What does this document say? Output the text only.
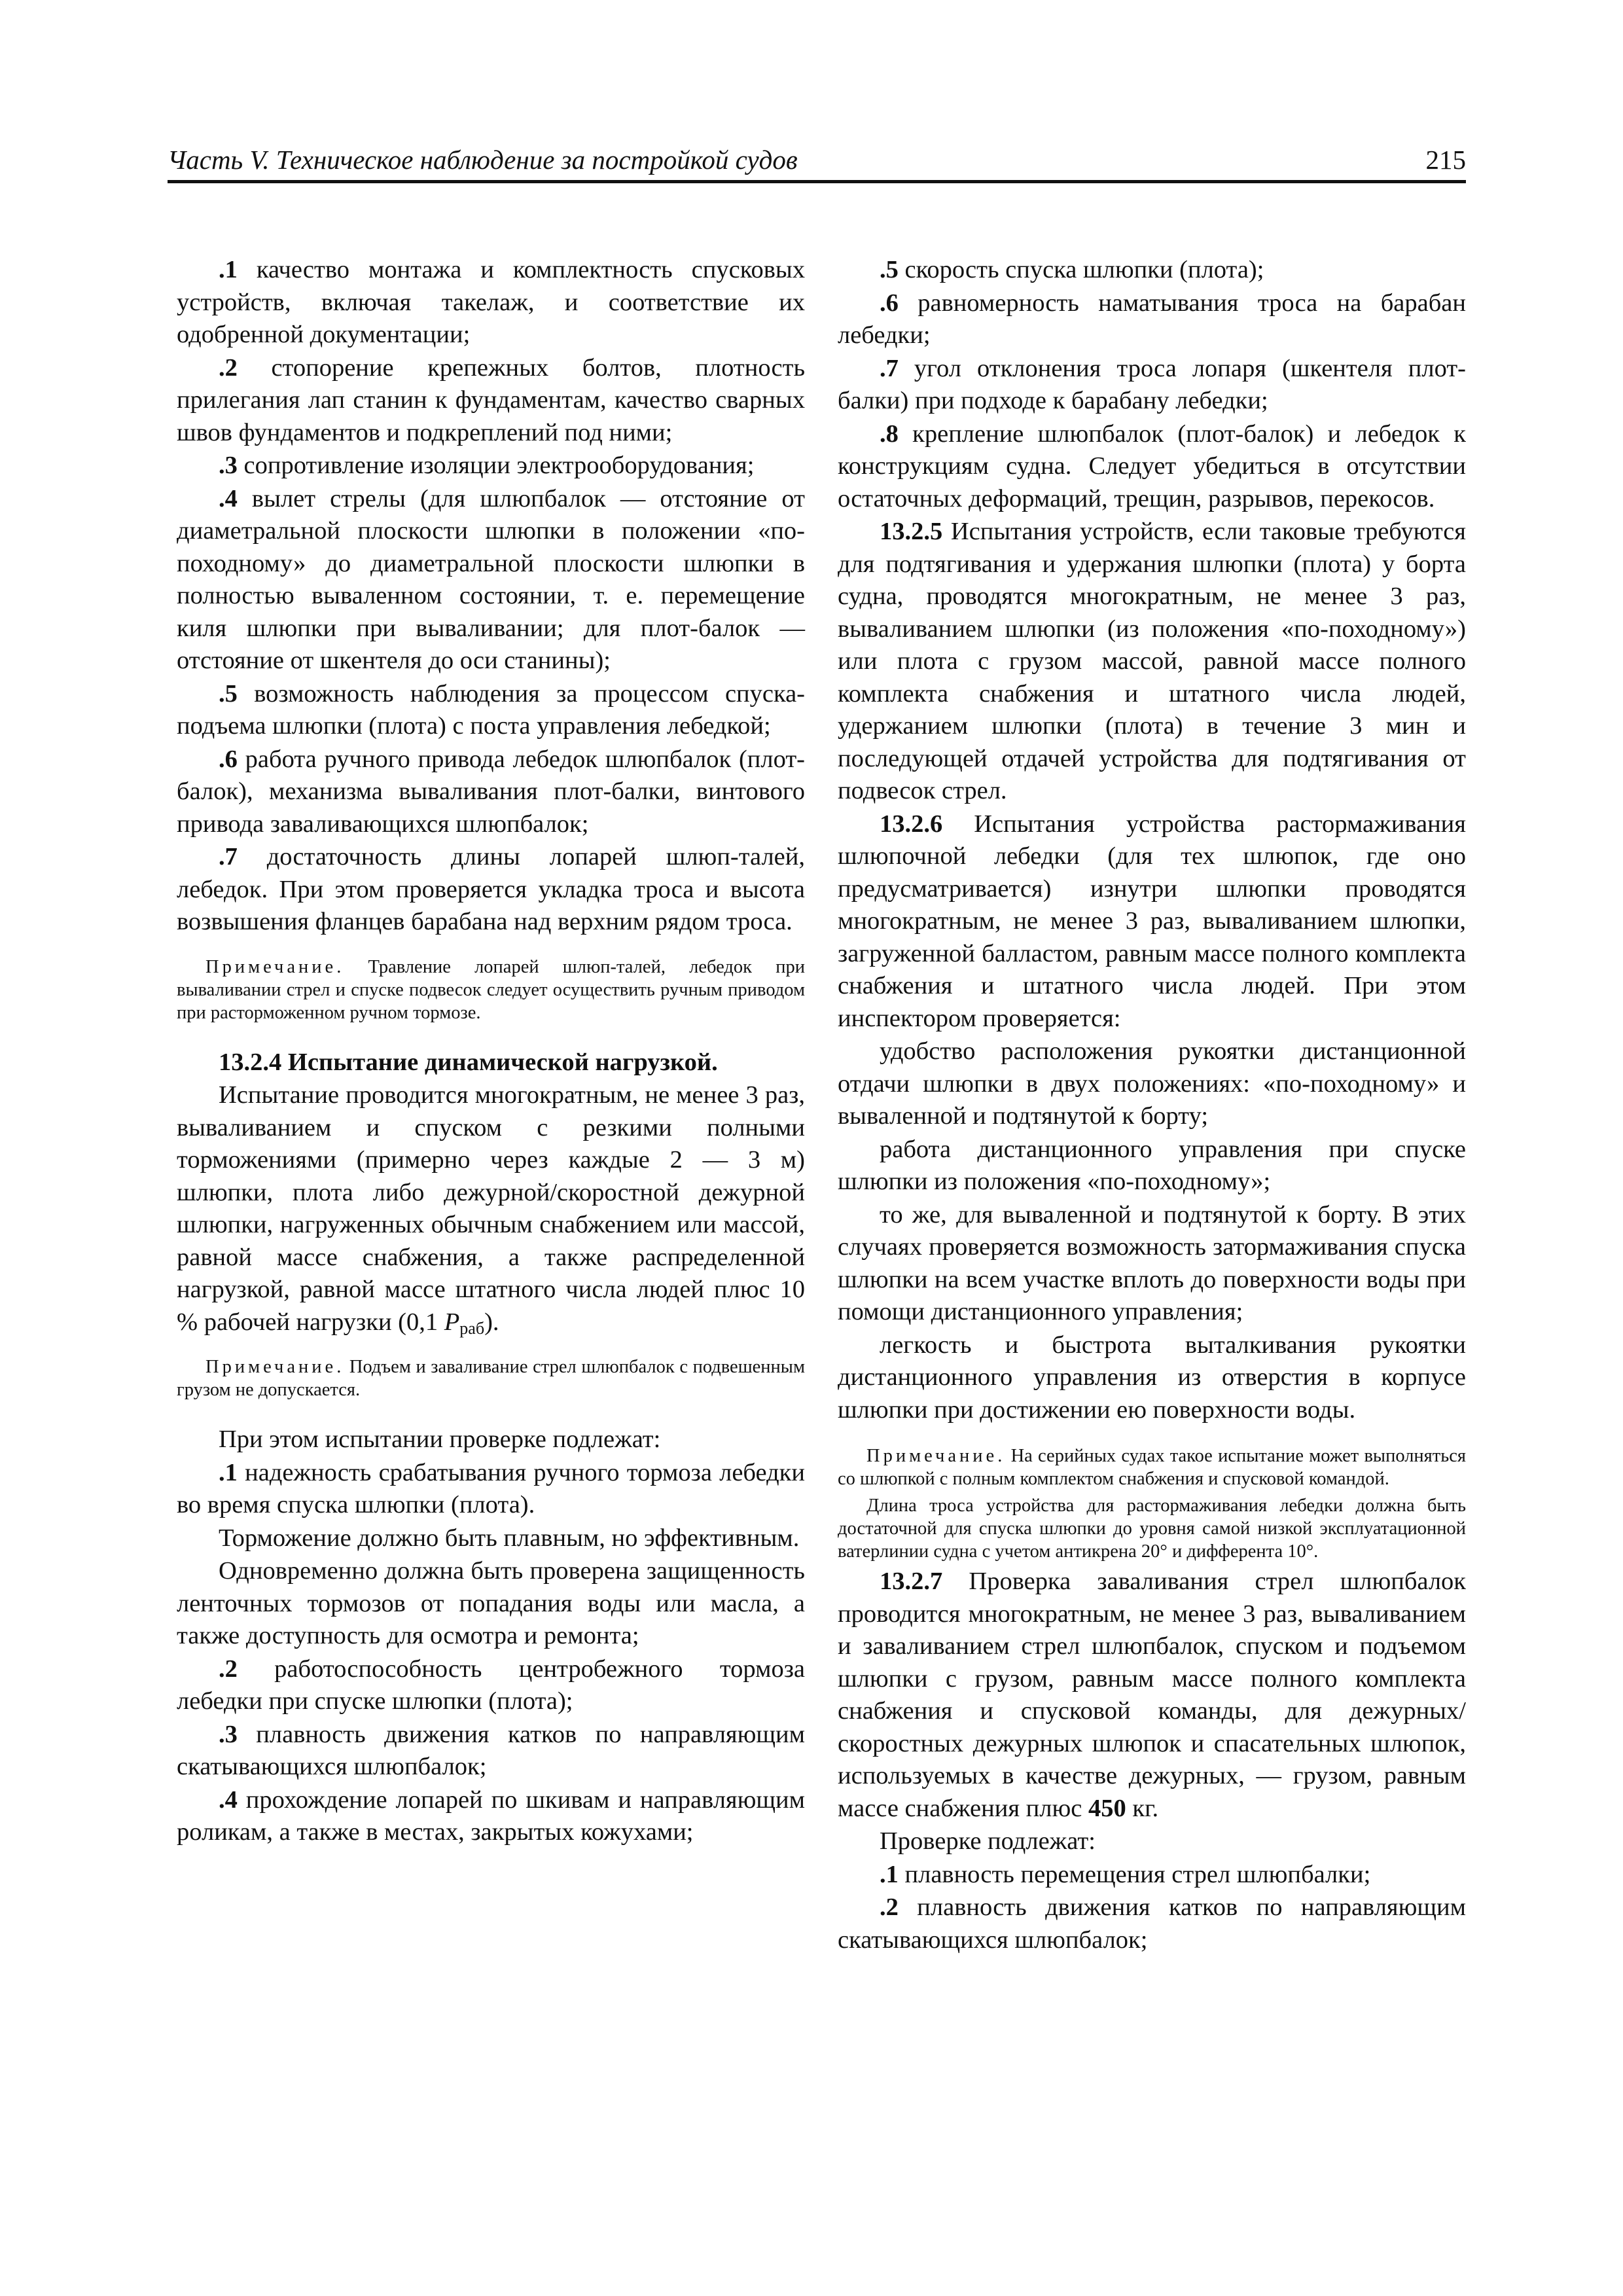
Часть V. Техническое наблюдение за постройкой судов	215

.1 качество монтажа и комплектность спусковых устройств, включая такелаж, и соответствие их одобренной документации;

.2 стопорение крепежных болтов, плотность прилегания лап станин к фундаментам, качество сварных швов фундаментов и подкреплений под ними;

.3 сопротивление изоляции электрооборудования;

.4 вылет стрелы (для шлюпбалок — отстояние от диаметральной плоскости шлюпки в положении «по-походному» до диаметральной плоскости шлюпки в полностью вываленном состоянии, т. е. перемещение киля шлюпки при вываливании; для плот-балок — отстояние от шкентеля до оси станины);

.5 возможность наблюдения за процессом спуска-подъема шлюпки (плота) с поста управления лебедкой;

.6 работа ручного привода лебедок шлюпбалок (плот-балок), механизма вываливания плот-балки, винтового привода заваливающихся шлюпбалок;

.7 достаточность длины лопарей шлюп-талей, лебедок. При этом проверяется укладка троса и высота возвышения фланцев барабана над верхним рядом троса.

Примечание. Травление лопарей шлюп-талей, лебедок при вываливании стрел и спуске подвесок следует осуществить ручным приводом при расторможенном ручном тормозе.

13.2.4 Испытание динамической нагрузкой.

Испытание проводится многократным, не менее 3 раз, вываливанием и спуском с резкими полными торможениями (примерно через каждые 2 — 3 м) шлюпки, плота либо дежурной/скоростной дежурной шлюпки, нагруженных обычным снабжением или массой, равной массе снабжения, а также распределенной нагрузкой, равной массе штатного числа людей плюс 10 % рабочей нагрузки (0,1 $P_{раб}$).

Примечание. Подъем и заваливание стрел шлюпбалок с подвешенным грузом не допускается.

При этом испытании проверке подлежат:

.1 надежность срабатывания ручного тормоза лебедки во время спуска шлюпки (плота).

Торможение должно быть плавным, но эффективным.

Одновременно должна быть проверена защищенность ленточных тормозов от попадания воды или масла, а также доступность для осмотра и ремонта;

.2 работоспособность центробежного тормоза лебедки при спуске шлюпки (плота);

.3 плавность движения катков по направляющим скатывающихся шлюпбалок;

.4 прохождение лопарей по шкивам и направляющим роликам, а также в местах, закрытых кожухами;

.5 скорость спуска шлюпки (плота);

.6 равномерность наматывания троса на барабан лебедки;

.7 угол отклонения троса лопаря (шкентеля плот-балки) при подходе к барабану лебедки;

.8 крепление шлюпбалок (плот-балок) и лебедок к конструкциям судна. Следует убедиться в отсутствии остаточных деформаций, трещин, разрывов, перекосов.

13.2.5 Испытания устройств, если таковые требуются для подтягивания и удержания шлюпки (плота) у борта судна, проводятся многократным, не менее 3 раз, вываливанием шлюпки (из положения «по-походному») или плота с грузом массой, равной массе полного комплекта снабжения и штатного числа людей, удержанием шлюпки (плота) в течение 3 мин и последующей отдачей устройства для подтягивания от подвесок стрел.

13.2.6 Испытания устройства растормаживания шлюпочной лебедки (для тех шлюпок, где оно предусматривается) изнутри шлюпки проводятся многократным, не менее 3 раз, вываливанием шлюпки, загруженной балластом, равным массе полного комплекта снабжения и штатного числа людей. При этом инспектором проверяется:

удобство расположения рукоятки дистанционной отдачи шлюпки в двух положениях: «по-походному» и вываленной и подтянутой к борту;

работа дистанционного управления при спуске шлюпки из положения «по-походному»;

то же, для вываленной и подтянутой к борту. В этих случаях проверяется возможность затормаживания спуска шлюпки на всем участке вплоть до поверхности воды при помощи дистанционного управления;

легкость и быстрота выталкивания рукоятки дистанционного управления из отверстия в корпусе шлюпки при достижении ею поверхности воды.

Примечание. На серийных судах такое испытание может выполняться со шлюпкой с полным комплектом снабжения и спусковой командой.

Длина троса устройства для растормаживания лебедки должна быть достаточной для спуска шлюпки до уровня самой низкой эксплуатационной ватерлинии судна с учетом антикрена 20° и дифферента 10°.

13.2.7 Проверка заваливания стрел шлюпбалок проводится многократным, не менее 3 раз, вываливанием и заваливанием стрел шлюпбалок, спуском и подъемом шлюпки с грузом, равным массе полного комплекта снабжения и спусковой команды, для дежурных/скоростных дежурных шлюпок и спасательных шлюпок, используемых в качестве дежурных, — грузом, равным массе снабжения плюс 450 кг.

Проверке подлежат:

.1 плавность перемещения стрел шлюпбалки;

.2 плавность движения катков по направляющим скатывающихся шлюпбалок;
